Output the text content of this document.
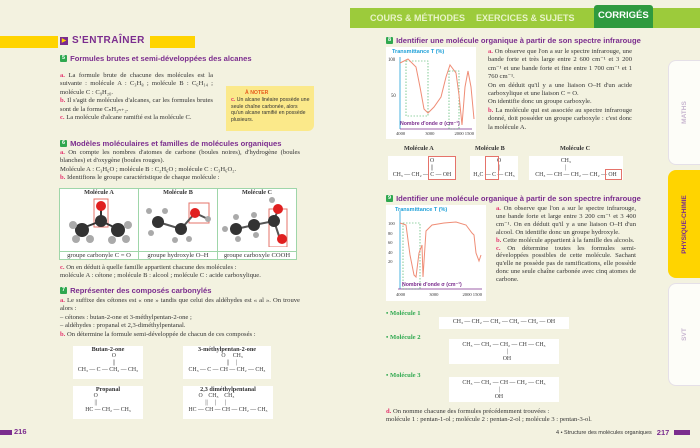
▶ S'ENTRAÎNER
5 Formules brutes et semi-développées des alcanes

a. La formule brute de chacune des molécules est la suivante : molécule A : C₃H₈ ; molécule B : C₆H₁₄ ; molécule C : C₉H₂₀.

b. Il s'agit de molécules d'alcanes, car les formules brutes sont de la forme CₙH₂ₙ₊₂.

c. La molécule d'alcane ramifié est la molécule C.

À NOTER
c. Un alcane linéaire possède une seule chaîne carbonée, alors qu'un alcane ramifié en possède plusieurs.
6 Modèles moléculaires et familles de molécules organiques

a. On compte les nombres d'atomes de carbone (boules noires), d'hydrogène (boules blanches) et d'oxygène (boules rouges).

Molécule A : C₃H₆O ; molécule B : C₂H₆O ; molécule C : C₃H₆O₂.

b. Identifions le groupe caractéristique de chaque molécule :

Molécule A
groupe carbonyle C = O
Molécule B
groupe hydroxyle O–H
Molécule C
groupe carboxyle COOH

c. On en déduit à quelle famille appartient chacune des molécules :

molécule A : cétone ; molécule B : alcool ; molécule C : acide carboxylique.

7 Représenter des composés carbonylés

a. Le suffixe des cétones est « one » tandis que celui des aldéhydes est « al ». On trouve alors :

– cétones : butan-2-one et 3-méthylpentan-2-one ;

– aldéhydes : propanal et 2,3-diméthylpentanal.

b. On détermine la formule semi-développée de chacun de ces composés :

Butan-2-one
O
||
CH₃ — C — CH₂ — CH₃
3-méthylpentan-2-one
O     CH₃
||     |
CH₃ — C — CH — CH₂ — CH₃
Propanal
O
||
HC — CH₂ — CH₃
2,3 diméthylpentanal
O    CH₃    CH₃
||     |      |
HC — CH — CH — CH₂ — CH₃
216
COURS & MÉTHODES EXERCICES & SUJETS	CORRIGÉS
8 Identifier une molécule organique à partir de son spectre infrarouge
Transmittance T (%)
100
50
Nombre d'onde σ (cm⁻¹)
4000	3000	2000 1500

a. On observe que l'on a sur le spectre infrarouge, une bande forte et très large entre 2 600 cm⁻¹ et 3 200 cm⁻¹ et une bande forte et fine entre 1 700 cm⁻¹ et 1 760 cm⁻¹.

On en déduit qu'il y a une liaison O–H d'un acide carboxylique et une liaison C = O.

On identifie donc un groupe carboxyle.

b. La molécule qui est associée au spectre infrarouge donné, doit posséder un groupe carboxyle : c'est donc la molécule A.

Molécule A	Molécule B	Molécule C
O
||
CH₃ — CH₂ — C — OH
O
||
H₃C — C — CH₃
CH₃
|
CH₃ — CH — CH₂ — CH₂ — OH
9 Identifier une molécule organique à partir de son spectre infrarouge
Transmittance T (%)
100
80
60
40
20
Nombre d'onde σ (cm⁻¹)
4000	3000	2000 1500

a. On observe que l'on a sur le spectre infrarouge, une bande forte et large entre 3 200 cm⁻¹ et 3 400 cm⁻¹. On en déduit qu'il y a une liaison O–H d'un alcool. On identifie donc un groupe hydroxyle.

b. Cette molécule appartient à la famille des alcools.

c. On détermine toutes les formules semi-développées possibles de cette molécule. Sachant qu'elle ne possède pas de ramifications, elle possède donc une seule chaîne carbonée avec cinq atomes de carbone.

• Molécule 1
CH₃ — CH₂ — CH₂ — CH₂ — CH₂ — OH
• Molécule 2
CH₃ — CH₂ — CH₂ — CH — CH₃
|
OH
• Molécule 3
CH₃ — CH₂ — CH — CH₂ — CH₃
|
OH

d. On nomme chacune des formules précédemment trouvées :

molécule 1 : pentan-1-ol ; molécule 2 : pentan-2-ol ; molécule 3 : pentan-3-ol.

4 • Structure des molécules organiques 217
MATHS
PHYSIQUE-CHIMIE
SVT
